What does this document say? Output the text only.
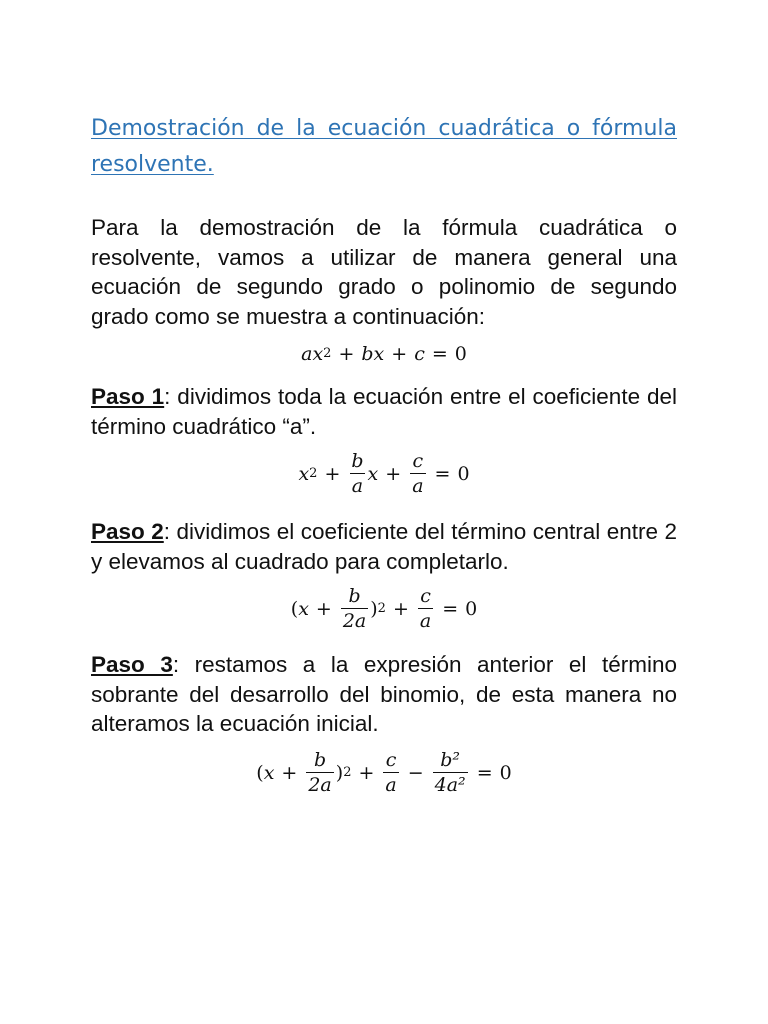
Demostración de la ecuación cuadrática o fórmula resolvente.

Para la demostración de la fórmula cuadrática o resolvente, vamos a utilizar de manera general una ecuación de segundo grado o polinomio de segundo grado como se muestra a continuación:

a x 2 + b x + c = 0

Paso 1: dividimos toda la ecuación entre el coeficiente del término cuadrático “a”.

x $2 + \frac{b}{a}$ $x + \frac{c}{a} = 0$

Paso 2: dividimos el coeficiente del término central entre 2 y elevamos al cuadrado para completarlo.

( $x + \frac{b}{2a}$ ) $2 + \frac{c}{a} = 0$

Paso 3: restamos a la expresión anterior el término sobrante del desarrollo del binomio, de esta manera no alteramos la ecuación inicial.

( $x + \frac{b}{2a}$ ) $2 + \frac{c}{a} - \frac{\text{b²}}{\text{4a²}} = 0$
